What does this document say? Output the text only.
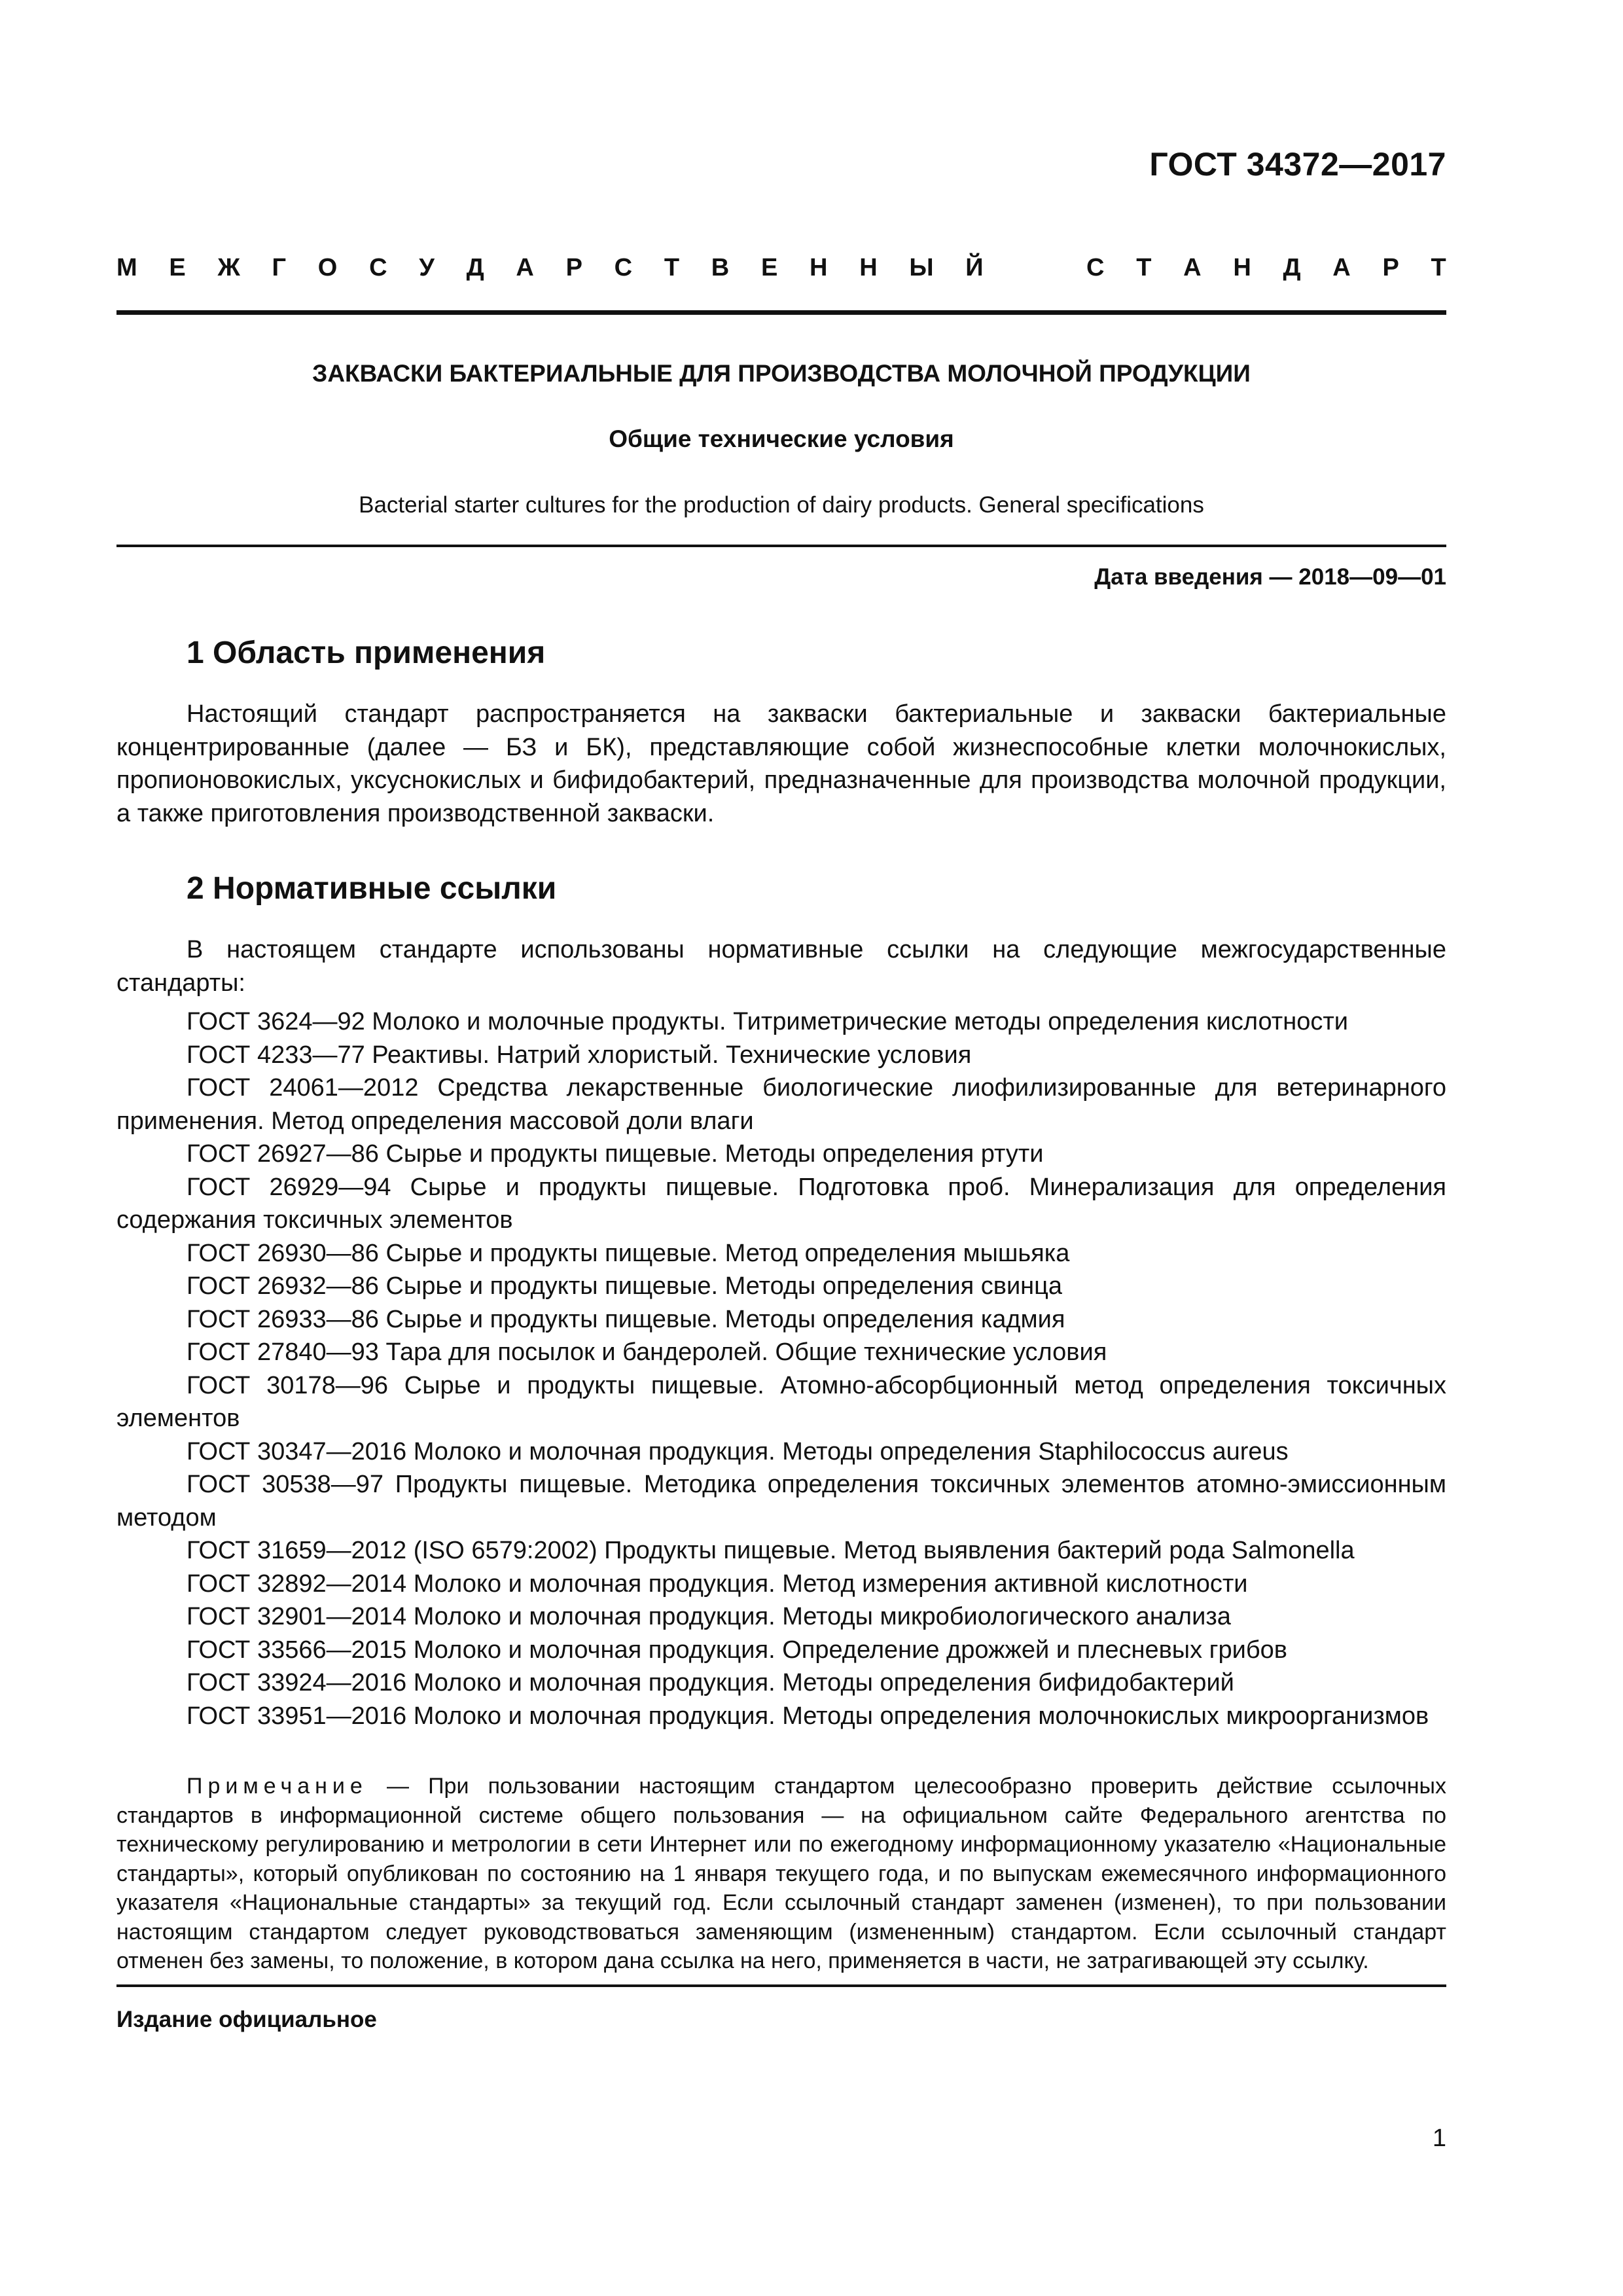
ГОСТ 34372—2017

М Е Ж Г О С У Д А Р С Т В Е Н Н Ы Й	С Т А Н Д А Р Т

ЗАКВАСКИ БАКТЕРИАЛЬНЫЕ ДЛЯ ПРОИЗВОДСТВА МОЛОЧНОЙ ПРОДУКЦИИ

Общие технические условия

Bacterial starter cultures for the production of dairy products. General specifications

Дата введения — 2018—09—01

1 Область применения

Настоящий стандарт распространяется на закваски бактериальные и закваски бактериальные концентрированные (далее — БЗ и БК), представляющие собой жизнеспособные клетки молочнокислых, пропионовокислых, уксуснокислых и бифидобактерий, предназначенные для производства молочной продукции, а также приготовления производственной закваски.

2 Нормативные ссылки

В настоящем стандарте использованы нормативные ссылки на следующие межгосударственные стандарты:

ГОСТ 3624—92 Молоко и молочные продукты. Титриметрические методы определения кислотности
ГОСТ 4233—77 Реактивы. Натрий хлористый. Технические условия
ГОСТ 24061—2012 Средства лекарственные биологические лиофилизированные для ветеринарного применения. Метод определения массовой доли влаги
ГОСТ 26927—86 Сырье и продукты пищевые. Методы определения ртути
ГОСТ 26929—94 Сырье и продукты пищевые. Подготовка проб. Минерализация для определения содержания токсичных элементов
ГОСТ 26930—86 Сырье и продукты пищевые. Метод определения мышьяка
ГОСТ 26932—86 Сырье и продукты пищевые. Методы определения свинца
ГОСТ 26933—86 Сырье и продукты пищевые. Методы определения кадмия
ГОСТ 27840—93 Тара для посылок и бандеролей. Общие технические условия
ГОСТ 30178—96 Сырье и продукты пищевые. Атомно-абсорбционный метод определения токсичных элементов
ГОСТ 30347—2016 Молоко и молочная продукция. Методы определения Staphilococcus aureus
ГОСТ 30538—97 Продукты пищевые. Методика определения токсичных элементов атомно-эмиссионным методом
ГОСТ 31659—2012 (ISO 6579:2002) Продукты пищевые. Метод выявления бактерий рода Salmonella
ГОСТ 32892—2014 Молоко и молочная продукция. Метод измерения активной кислотности
ГОСТ 32901—2014 Молоко и молочная продукция. Методы микробиологического анализа
ГОСТ 33566—2015 Молоко и молочная продукция. Определение дрожжей и плесневых грибов
ГОСТ 33924—2016 Молоко и молочная продукция. Методы определения бифидобактерий
ГОСТ 33951—2016 Молоко и молочная продукция. Методы определения молочнокислых микроорганизмов

Примечание — При пользовании настоящим стандартом целесообразно проверить действие ссылочных стандартов в информационной системе общего пользования — на официальном сайте Федерального агентства по техническому регулированию и метрологии в сети Интернет или по ежегодному информационному указателю «Национальные стандарты», который опубликован по состоянию на 1 января текущего года, и по выпускам ежемесячного информационного указателя «Национальные стандарты» за текущий год. Если ссылочный стандарт заменен (изменен), то при пользовании настоящим стандартом следует руководствоваться заменяющим (измененным) стандартом. Если ссылочный стандарт отменен без замены, то положение, в котором дана ссылка на него, применяется в части, не затрагивающей эту ссылку.

Издание официальное

1
